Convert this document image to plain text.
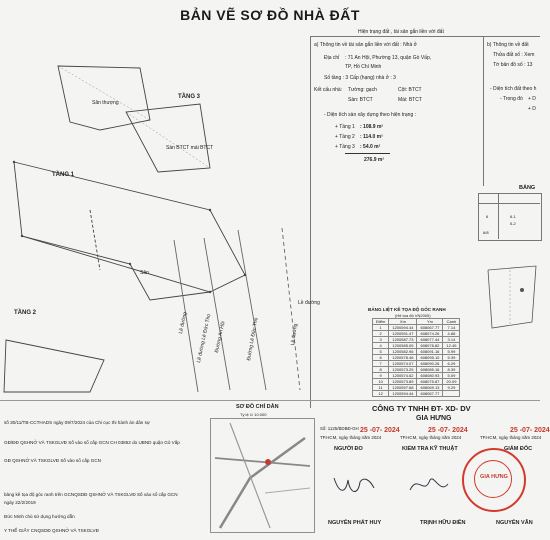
BẢN VẼ SƠ ĐỒ NHÀ ĐẤT
Hiện trạng đất , tài sản gắn liền với đất
a) Thông tin về tài sản gắn liền với đất : Nhà ở
Địa chỉ : 71 An Hội, Phường 13, quận Gò Vấp,
TP, Hồ Chí Minh
Số tầng : 3 Cấp (hạng) nhà ở : 3
Kết cấu nhà: Tường: gạch	Cột: BTCT
Sàn: BTCT	Mái: BTCT
- Diện tích sàn xây dựng theo hiện trạng :
+ Tầng 1 : 108.9 m²
+ Tầng 2 : 114.0 m²
+ Tầng 3 : 54.0 m²
276.9 m²
b) Thông tin về đất
Thửa đất số : Xem
Tờ bản đồ số : 13
- Diện tích đất theo h
- Trong đó + D
+ D
BẢNG
6	6-1
5-2
6/8
TẦNG 3
TẦNG 1
TẦNG 2
Sân thượng
Sàn BTCT mái BTCT
Sân
Lề đường	Đường An Hội
Lề đường Lê Đức Thọ	Đường Lê Đức Thọ	Lề đường
Lề đường
BẢNG LIỆT KÊ TỌA ĐỘ GÓC RANH
(Hệ tọa độ VN2000)
Điểm	Xm	Ym	Cạnh
1	1200594.44	608067.77	7.14
2	1200591.47	608074.26	4.88
3	1200587.73	608077.44	3.14
4	1200585.05	608078.82	12.45
5	1200582.96	608091.16	5.99
6	1200578.46	608095.10	5.39
7	1200574.07	608090.26	6.29
8	1200573.25	608085.16	8.39
9	1200574.62	608080.93	5.09
10	1200573.89	608075.87	20.09
11	1200597.68	608069.13	9.29
12	1200594.44	608067.77	
SƠ ĐỒ CHỈ DẪN
Tỷ lệ 1/ 10.000
CÔNG TY TNHH ĐT- XD- DV
GIA HƯNG
Số: 1125/BDBĐ-GH
TP.HCM, ngày tháng năm 2024	TP.HCM, ngày tháng năm 2024	TP.HCM, ngày tháng năm 2024
25 -07- 2024	25 -07- 2024	25 -07- 2024
NGƯỜI ĐO	KIỂM TRA KỸ THUẬT	GIÁM ĐỐC
GIA HƯNG
NGUYỄN PHÁT HUY	TRỊNH HỮU ĐIỀN	NGUYỄN VĂN
số 30/11/TB-CCTHADS ngày 09/7/2024 của Chi cục thi hành án dân sự
GĐ/ĐĐ QSHNỞ VÀ TSKGLVĐ Số vào sổ cấp GCN CH 03852 do UBND quận Gò Vấp
GĐ QSHNỞ VÀ TSKGLVĐ Số vào sổ cấp GCN
bảng kê tọa độ góc ranh trên GCNQSDĐ QSHNỞ VÀ TSKGLVĐ Số vào sổ cấp GCN
ngày 22/2/2019
Đức Minh chủ sử dụng hướng dẫn
Y THỂ GIẤY CNQSDĐ QSHNỞ VÀ TSKGLVĐ
